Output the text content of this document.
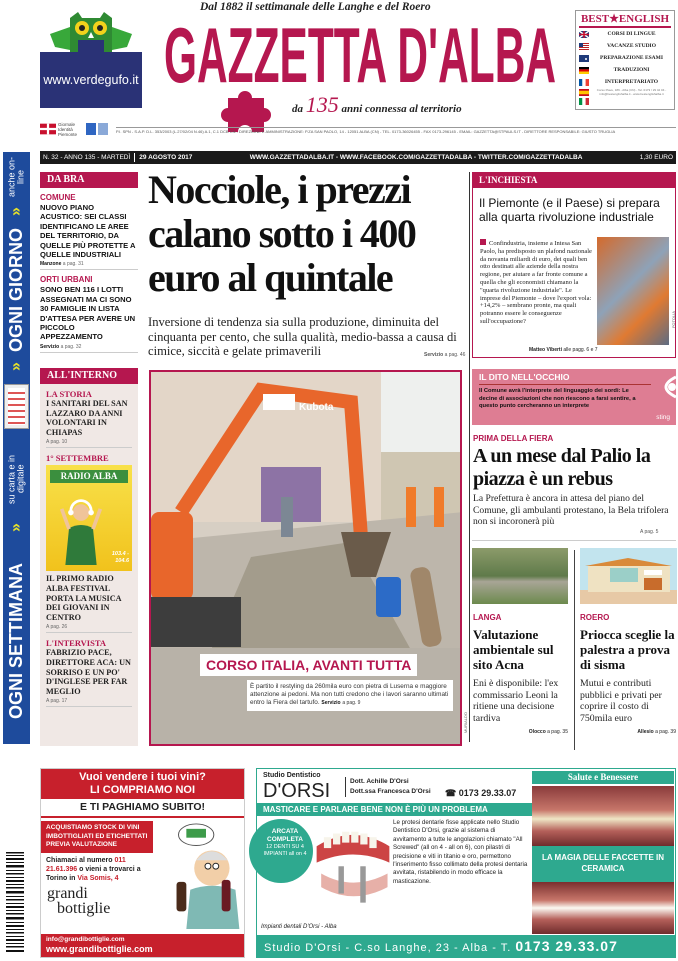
www.verdegufo.it
Dal 1882 il settimanale delle Langhe e del Roero
GAZZETTA D'ALBA
da 135 anni connessa al territorio
BEST★ENGLISH
CORSI DI LINGUE
VACANZE STUDIO
PREPARAZIONE ESAMI
TRADUZIONI
INTERPRETARIATO
Corso Piave, 186 - Alba (CN) - Tel. 0173 / 29 42 04 - info@bestenglishalba.it - www.bestenglishalba.it
Giornale Identità Piemonte	P.I. SPN - S.A.P. D.L. 353/2003 (L.27/02/04 N.46) A.1, C.1 DCB CN - DIREZIONE E AMMINISTRAZIONE: P.ZA SAN PAOLO, 14 - 12051 ALBA (CN) - TEL. 0173-36026455 - FAX 0173-296145 - EMAIL: GAZZETTA@STPAULS.IT - DIRETTORE RESPONSABILE: GIUSTO TRUGLIA
N. 32 - ANNO 135 - MARTEDÌ 29 AGOSTO 2017	WWW.GAZZETTADALBA.IT - WWW.FACEBOOK.COM/GAZZETTADALBA - TWITTER.COM/GAZZETTADALBA	1,30 EURO
anche on-line
»
OGNI GIORNO
»
su carta e in digitale
»
OGNI SETTIMANA
DA BRA
COMUNE
NUOVO PIANO ACUSTICO: SEI CLASSI IDENTIFICANO LE AREE DEL TERRITORIO, DA QUELLE PIÙ PROTETTE A QUELLE INDUSTRIALI
Manzone a pag. 31
ORTI URBANI
SONO BEN 116 I LOTTI ASSEGNATI MA CI SONO 30 FAMIGLIE IN LISTA D'ATTESA PER AVERE UN PICCOLO APPEZZAMENTO
Servizio a pag. 32
ALL'INTERNO
LA STORIA
I SANITARI DEL SAN LAZZARO DA ANNI VOLONTARI IN CHIAPAS
A pag. 10
1° SETTEMBRE
RADIO ALBA
103.4 - 104.6
IL PRIMO RADIO ALBA FESTIVAL PORTA LA MUSICA DEI GIOVANI IN CENTRO
A pag. 26
L'INTERVISTA
FABRIZIO PACE, DIRETTORE ACA: UN SORRISO E UN PO' D'INGLESE PER FAR MEGLIO
A pag. 17
Nocciole, i prezzi calano sotto i 400 euro al quintale
Inversione di tendenza sia sulla produzione, diminuita del cinquanta per cento, che sulla qualità, medio-bassa a causa di cimice, siccità e gelate primaverili	Servizio a pag. 46
Kubota
CORSO ITALIA, AVANTI TUTTA
È partito il restyling da 260mila euro con pietra di Luserna e maggiore attenzione ai pedoni. Ma non tutti credono che i lavori saranno ultimati entro la Fiera del tartufo. Servizio a pag. 9
MURIALDO
L'INCHIESTA
Il Piemonte (e il Paese) si prepara alla quarta rivoluzione industriale
Confindustria, insieme a Intesa San Paolo, ha predisposto un plafond nazionale da novanta miliardi di euro, dei quali ben otto destinati alle aziende della nostra regione, per aiutare a far fronte comune a quella che gli economisti chiamano la "quarta rivoluzione industriale". Le imprese del Piemonte – dove l'export vola: +14,2% – sembrano pronte, ma quali potranno essere le conseguenze sull'occupazione?	FOTOLIA
Matteo Viberti alle pagg. 6 e 7
IL DITO NELL'OCCHIO
Il Comune avrà l'interprete del linguaggio dei sordi: Le decine di associazioni che non riescono a farsi sentire, a questo punto cercheranno un interprete
sting
PRIMA DELLA FIERA
A un mese dal Palio la piazza è un rebus
La Prefettura è ancora in attesa del piano del Comune, gli ambulanti protestano, la Bela trifolera non si incoronerà più
A pag. 5
LANGA
Valutazione ambientale sul sito Acna
Eni è disponibile: l'ex commissario Leoni la ritiene una decisione tardiva
Olocco a pag. 35
ROERO
Priocca sceglie la palestra a prova di sisma
Mutui e contributi pubblici e privati per coprire il costo di 750mila euro
Allesio a pag. 39
Vuoi vendere i tuoi vini?
LI COMPRIAMO NOI
E TI PAGHIAMO SUBITO!
ACQUISTIAMO STOCK DI VINI IMBOTTIGLIATI ED ETICHETTATI PREVIA VALUTAZIONE
Chiamaci al numero 011 21.61.396 o vieni a trovarci a Torino in Via Somis, 4
grandi
bottiglie
info@grandibottiglie.com
www.grandibottiglie.com
Studio Dentistico
D'ORSI	Dott. Achille D'Orsi
Dott.ssa Francesca D'Orsi ☎ 0173 29.33.07
Salute e Benessere
MASTICARE E PARLARE BENE NON È PIÙ UN PROBLEMA
ARCATA COMPLETA
12 DENTI SU 4 IMPIANTI all on 4
Impianti dentali D'Orsi - Alba
Le protesi dentarie fisse applicate nello Studio Dentistico D'Orsi, grazie al sistema di avvitamento a tutte le angolazioni chiamato "All Screwed" (all on 4 - all on 6), con pilastri di precisione e viti in titanio e oro, permettono l'inserimento fisso collimato della protesi dentaria avvitata, ristabilendo in modo efficace la masticazione.
LA MAGIA DELLE FACCETTE IN CERAMICA
Studio D'Orsi - C.so Langhe, 23 - Alba - T. 0173 29.33.07
